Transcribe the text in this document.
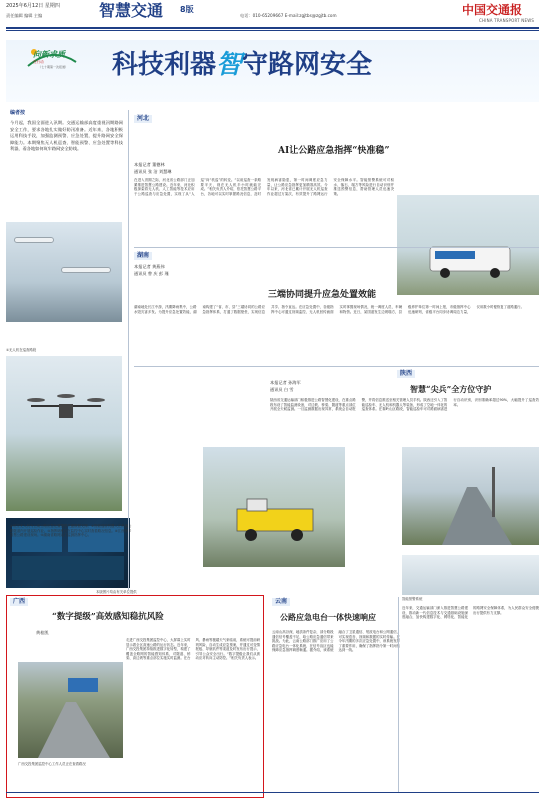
2025年6月12日 星期四
责任编辑 编辑 主编	智慧交通 8版
电话：010-65209667 E-mail:zgjtbs@zgjtb.com	中国交通报
CHINA TRANSPORT NEWS
向新求质
在行动
（七十期第一次报道） 科技利器智守路网安全
编者按
今月起，我国全面进入汛期。交通运输部高度重视汛期路网安全工作，要求各地扎实做好防汛准备。近年来，各地积极运用科技手段，加强监测预警、应急处置，提升路网安全保障能力。本期聚焦无人机巡查、智能预警、应急处置等科技利器，看各地如何筑牢路网安全防线。
①无人机在巡查路段
河北
AI让公路应急指挥“快准稳”
本报记者 董德林
通讯员 张 洁 刘慧琳
在进入汛期之际，河北省公路部门正加紧推进智慧公路建设。近年来，河北积极探索将无人机、人工智能等技术应用于公路巡查与应急处置，实现了从“人巡”向“机巡”的转变。“以前巡查一条路要半天，现在无人机半小时就能完成。”相关负责人介绍，依托智慧公路平台，各地可以实时掌握路况信息，及时发现病害隐患，第一时间调度应急力量，让公路应急指挥更加精准高效。今年以来，河北省已累计开展无人机巡查作业超过万架次，有效提升了路网运行安全保障水平。智能预警系统可对积水、落石、塌方等风险进行自动识别并推送预警信息，帮助管理人员迅速决策。
湖南
三端协同提升应急处置效能
本报记者 黄燕伟
通讯员 曾 庆 彭 瑾
湖南地处长江中游，汛期降雨集中，公路水毁灾害多发。为提升应急处置效能，湖南构建了“省、市、县”三端协同的公路应急指挥体系，打通了数据壁垒，实现信息共享、指令直达。在应急处置中，各级指挥中心可通过视频监控、无人机回传画面实时掌握现场情况，统一调度人员、车辆和物资。近日，某国道发生边坡塌方，县级养护单位第一时间上报，市级指挥中心迅速研判，省级平台同步协调周边力量，仅用数小时便恢复了道路通行。
陕西
智慧“尖兵”全方位守护
本报记者 孙海军
通讯员 白 雪
陕西省交通运输部门积极推进公路智慧化建设，在重点路段布设了智能监测设备，对边坡、桥梁、隧道等重点部位开展全天候监测。一旦监测数据出现异常，系统会自动报警，并将信息推送至相关管理人员手机。陕西还引入了智能巡检车、无人机和机器人等装备，形成了空地一体化的巡查体系。在秦岭山区路段，智能巡检车可对路面病害进行自动识别，识别准确率超过90%，大幅提升了巡查效率。
①低空无人机为云南公路应急处置提供关键数据支撑。②智能巡检机器人在高速公路隧道内开展巡检作业。③指挥调度员在监控中心实时查看路况信息。④江西等多智慧公路建设现场。⑤湖南省路网运行监测指挥中心。
本版图片均由有关单位提供
广西
“数字提级”高效感知稳抗风险
黄桂凯
走进广西交投集团监控中心，大屏幕上实时显示着全区高速公路的运行状态。近年来，广西交投集团持续推进数字化转型，构建了覆盖全路网的智能感知体系，对隧道、桥梁、高边坡等重点部位实施实时监测。在台风、暴雨等极端天气来临前，系统可提前研判风险，自动生成应急预案，并通过可变情报板、导航软件等渠道及时发布出行提示，引导公众安全出行。“数字提级让我们从被动应对转向主动防控。”相关负责人表示。
广西交投集团监控中心工作人员正在查看路况
云南
公路应急电台一体快速响应
云南山高谷深，地质条件复杂，部分路段通信信号覆盖不足，给公路应急通信带来挑战。为此，云南公路部门推广应用了公路应急电台一体化系统，在信号盲区也能保障应急指挥调度畅通。据介绍，该系统融合了卫星通信、短波电台和公网通信，可实现语音、视频和数据的实时传输。在今年汛期的多次应急处置中，该系统发挥了重要作用，确保了指挥指令第一时间传达到一线。
智能预警系统
近年来，交通运输部门深入推进智慧公路建设，推动新一代信息技术与交通基础设施深度融合，加快构建数字化、网络化、智能化的路网安全保障体系，为人民群众安全便捷出行提供有力支撑。
